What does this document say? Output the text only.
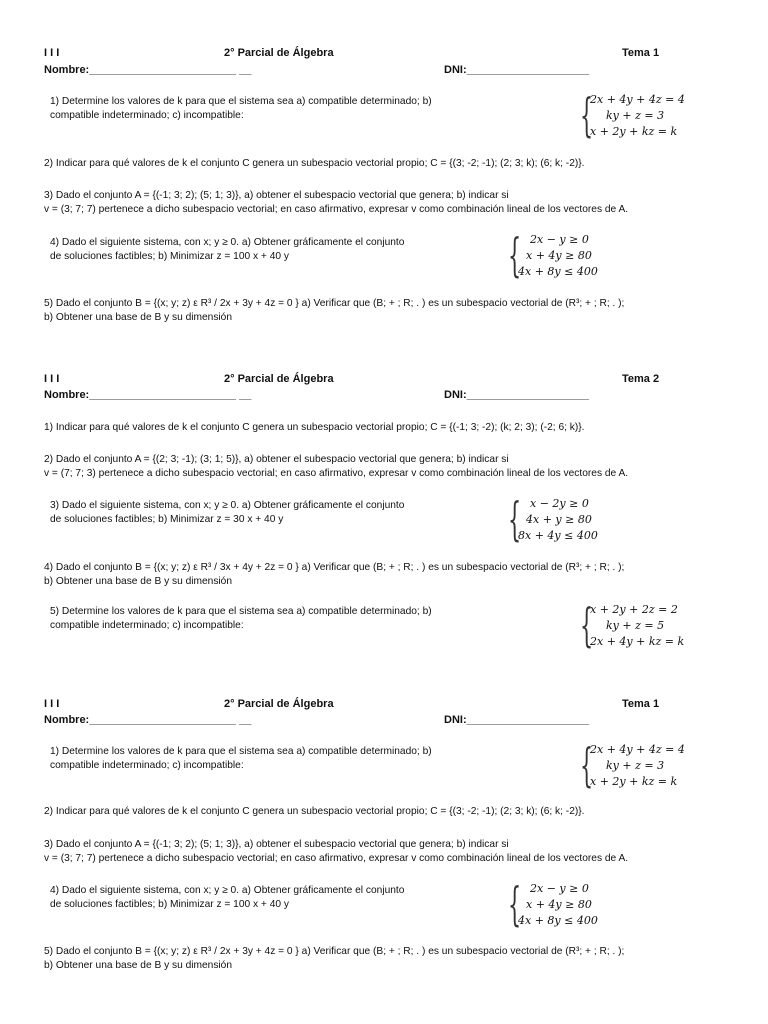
I I I	2° Parcial de Álgebra	Tema 1
Nombre:________________________ __	DNI:____________________
1) Determine los valores de k para que el sistema sea a) compatible determinado; b)
compatible indeterminado; c) incompatible:	{
2x + 4y + 4z = 4
ky + z = 3
x + 2y + kz = k
2) Indicar para qué valores de k el conjunto C genera un subespacio vectorial propio; C = {(3; -2; -1); (2; 3; k); (6; k; -2)}.
3) Dado el conjunto A = {(-1; 3; 2); (5; 1; 3)}, a) obtener el subespacio vectorial que genera; b) indicar si
v = (3; 7; 7) pertenece a dicho subespacio vectorial; en caso afirmativo, expresar v como combinación lineal de los vectores de A.
4) Dado el siguiente sistema, con x; y ≥ 0. a) Obtener gráficamente el conjunto
de soluciones factibles; b) Minimizar z = 100 x + 40 y	{ 2x − y ≥ 0
x + 4y ≥ 80
4x + 8y ≤ 400
5) Dado el conjunto B = {(x; y; z) ε R³ / 2x + 3y + 4z = 0 } a) Verificar que (B; + ; R; . ) es un subespacio vectorial de (R³; + ; R; . );
b) Obtener una base de B y su dimensión
I I I	2° Parcial de Álgebra	Tema 2
Nombre:________________________ __	DNI:____________________
1) Indicar para qué valores de k el conjunto C genera un subespacio vectorial propio; C = {(-1; 3; -2); (k; 2; 3); (-2; 6; k)}.
2) Dado el conjunto A = {(2; 3; -1); (3; 1; 5)}, a) obtener el subespacio vectorial que genera; b) indicar si
v = (7; 7; 3) pertenece a dicho subespacio vectorial; en caso afirmativo, expresar v como combinación lineal de los vectores de A.
3) Dado el siguiente sistema, con x; y ≥ 0. a) Obtener gráficamente el conjunto
de soluciones factibles; b) Minimizar z = 30 x + 40 y	{ x − 2y ≥ 0
4x + y ≥ 80
8x + 4y ≤ 400
4) Dado el conjunto B = {(x; y; z) ε R³ / 3x + 4y + 2z = 0 } a) Verificar que (B; + ; R; . ) es un subespacio vectorial de (R³; + ; R; . );
b) Obtener una base de B y su dimensión
5) Determine los valores de k para que el sistema sea a) compatible determinado; b)
compatible indeterminado; c) incompatible:	{
x + 2y + 2z = 2
ky + z = 5
2x + 4y + kz = k
I I I	2° Parcial de Álgebra	Tema 1
Nombre:________________________ __	DNI:____________________
1) Determine los valores de k para que el sistema sea a) compatible determinado; b)
compatible indeterminado; c) incompatible:	{
2x + 4y + 4z = 4
ky + z = 3
x + 2y + kz = k
2) Indicar para qué valores de k el conjunto C genera un subespacio vectorial propio; C = {(3; -2; -1); (2; 3; k); (6; k; -2)}.
3) Dado el conjunto A = {(-1; 3; 2); (5; 1; 3)}, a) obtener el subespacio vectorial que genera; b) indicar si
v = (3; 7; 7) pertenece a dicho subespacio vectorial; en caso afirmativo, expresar v como combinación lineal de los vectores de A.
4) Dado el siguiente sistema, con x; y ≥ 0. a) Obtener gráficamente el conjunto
de soluciones factibles; b) Minimizar z = 100 x + 40 y	{ 2x − y ≥ 0
x + 4y ≥ 80
4x + 8y ≤ 400
5) Dado el conjunto B = {(x; y; z) ε R³ / 2x + 3y + 4z = 0 } a) Verificar que (B; + ; R; . ) es un subespacio vectorial de (R³; + ; R; . );
b) Obtener una base de B y su dimensión
